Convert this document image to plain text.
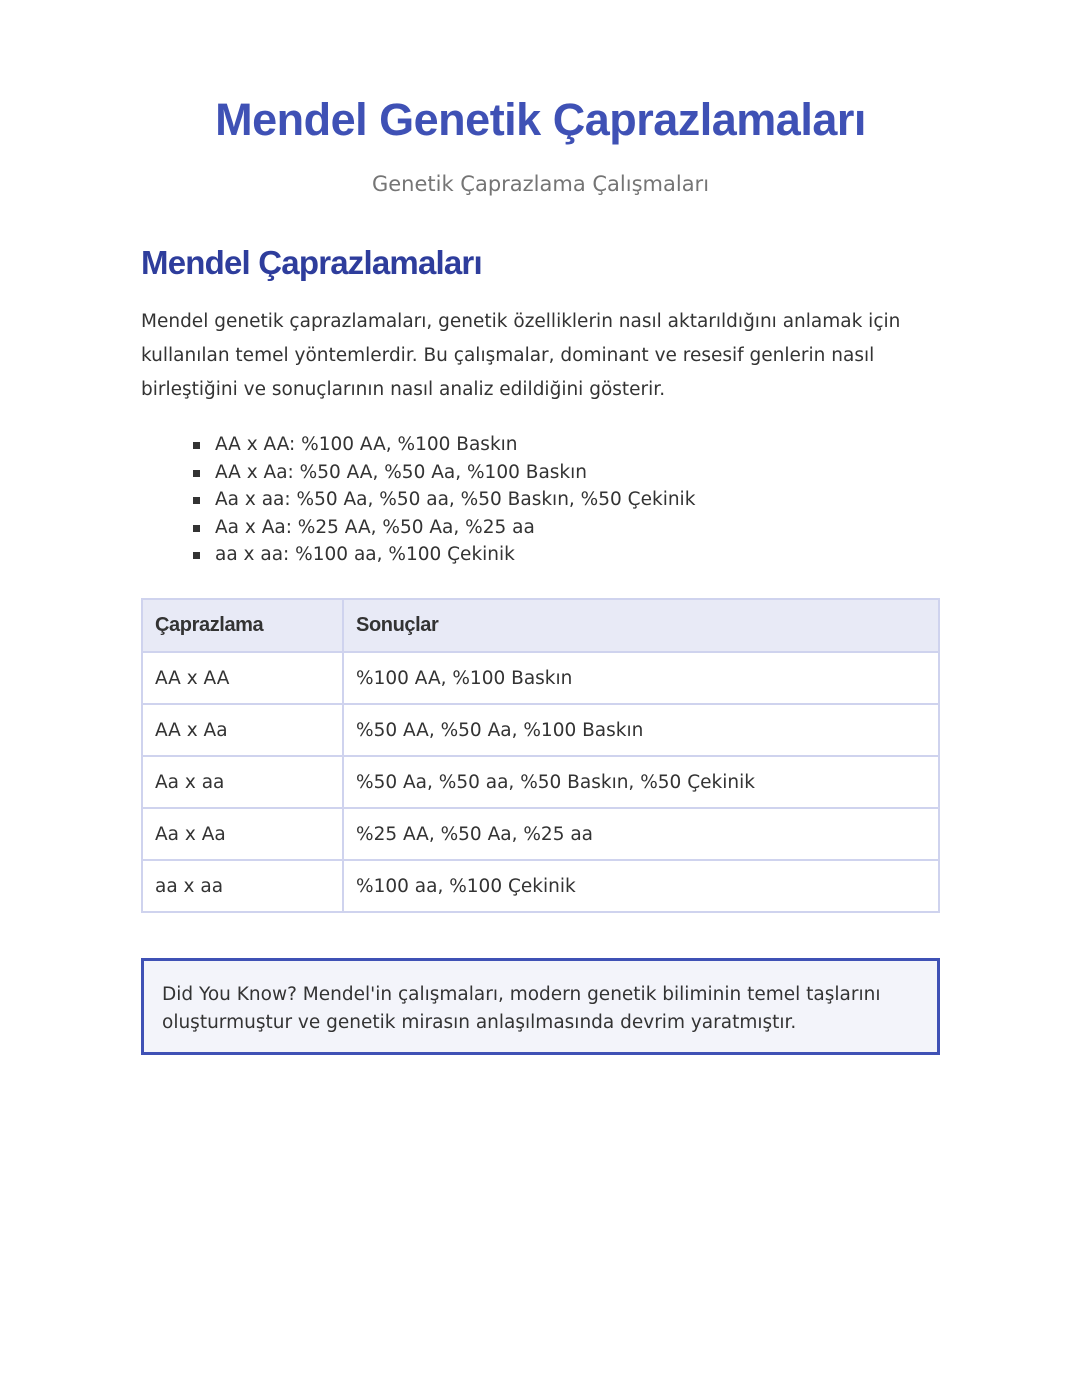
Mendel Genetik Çaprazlamaları

Genetik Çaprazlama Çalışmaları

Mendel Çaprazlamaları

Mendel genetik çaprazlamaları, genetik özelliklerin nasıl aktarıldığını anlamak için kullanılan temel yöntemlerdir. Bu çalışmalar, dominant ve resesif genlerin nasıl birleştiğini ve sonuçlarının nasıl analiz edildiğini gösterir.

AA x AA: %100 AA, %100 Baskın
AA x Aa: %50 AA, %50 Aa, %100 Baskın
Aa x aa: %50 Aa, %50 aa, %50 Baskın, %50 Çekinik
Aa x Aa: %25 AA, %50 Aa, %25 aa
aa x aa: %100 aa, %100 Çekinik
Çaprazlama	Sonuçlar
AA x AA	%100 AA, %100 Baskın
AA x Aa	%50 AA, %50 Aa, %100 Baskın
Aa x aa	%50 Aa, %50 aa, %50 Baskın, %50 Çekinik
Aa x Aa	%25 AA, %50 Aa, %25 aa
aa x aa	%100 aa, %100 Çekinik

Did You Know? Mendel'in çalışmaları, modern genetik biliminin temel taşlarını oluşturmuştur ve genetik mirasın anlaşılmasında devrim yaratmıştır.
